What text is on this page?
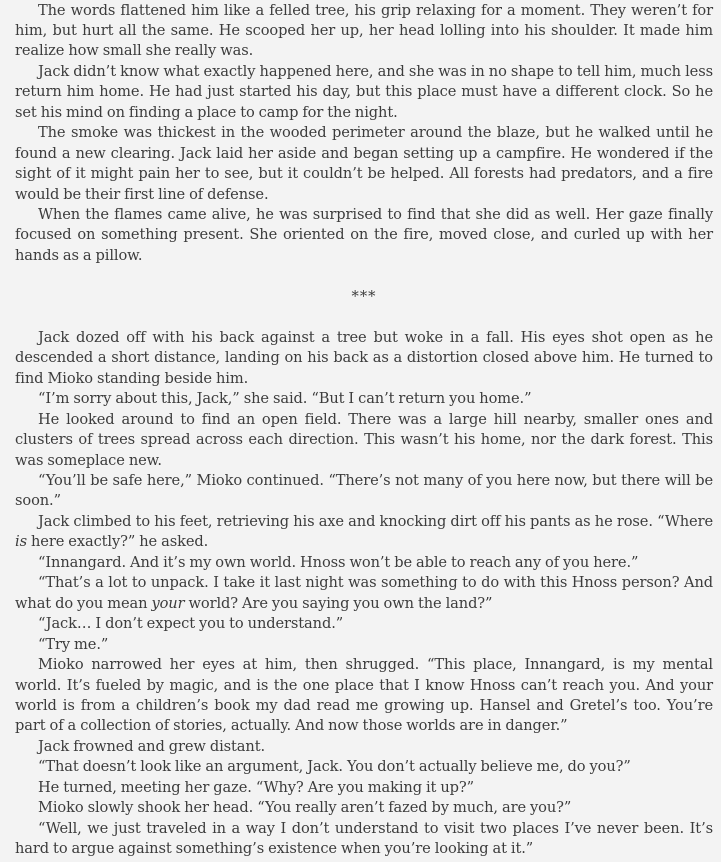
The words flattened him like a felled tree, his grip relaxing for a moment. They weren’t for him, but hurt all the same. He scooped her up, her head lolling into his shoulder. It made him realize how small she really was.

Jack didn’t know what exactly happened here, and she was in no shape to tell him, much less return him home. He had just started his day, but this place must have a different clock. So he set his mind on finding a place to camp for the night.

The smoke was thickest in the wooded perimeter around the blaze, but he walked until he found a new clearing. Jack laid her aside and began setting up a campfire. He wondered if the sight of it might pain her to see, but it couldn’t be helped. All forests had predators, and a fire would be their first line of defense.

When the flames came alive, he was surprised to find that she did as well. Her gaze finally focused on something present. She oriented on the fire, moved close, and curled up with her hands as a pillow.

***

Jack dozed off with his back against a tree but woke in a fall. His eyes shot open as he descended a short distance, landing on his back as a distortion closed above him. He turned to find Mioko standing beside him.

“I’m sorry about this, Jack,” she said. “But I can’t return you home.”

He looked around to find an open field. There was a large hill nearby, smaller ones and clusters of trees spread across each direction. This wasn’t his home, nor the dark forest. This was someplace new.

“You’ll be safe here,” Mioko continued. “There’s not many of you here now, but there will be soon.”

Jack climbed to his feet, retrieving his axe and knocking dirt off his pants as he rose. “Where is here exactly?” he asked.

“Innangard. And it’s my own world. Hnoss won’t be able to reach any of you here.”

“That’s a lot to unpack. I take it last night was something to do with this Hnoss person? And what do you mean your world? Are you saying you own the land?”

“Jack… I don’t expect you to understand.”

“Try me.”

Mioko narrowed her eyes at him, then shrugged. “This place, Innangard, is my mental world. It’s fueled by magic, and is the one place that I know Hnoss can’t reach you. And your world is from a children’s book my dad read me growing up. Hansel and Gretel’s too. You’re part of a collection of stories, actually. And now those worlds are in danger.”

Jack frowned and grew distant.

“That doesn’t look like an argument, Jack. You don’t actually believe me, do you?”

He turned, meeting her gaze. “Why? Are you making it up?”

Mioko slowly shook her head. “You really aren’t fazed by much, are you?”

“Well, we just traveled in a way I don’t understand to visit two places I’ve never been. It’s hard to argue against something’s existence when you’re looking at it.”
